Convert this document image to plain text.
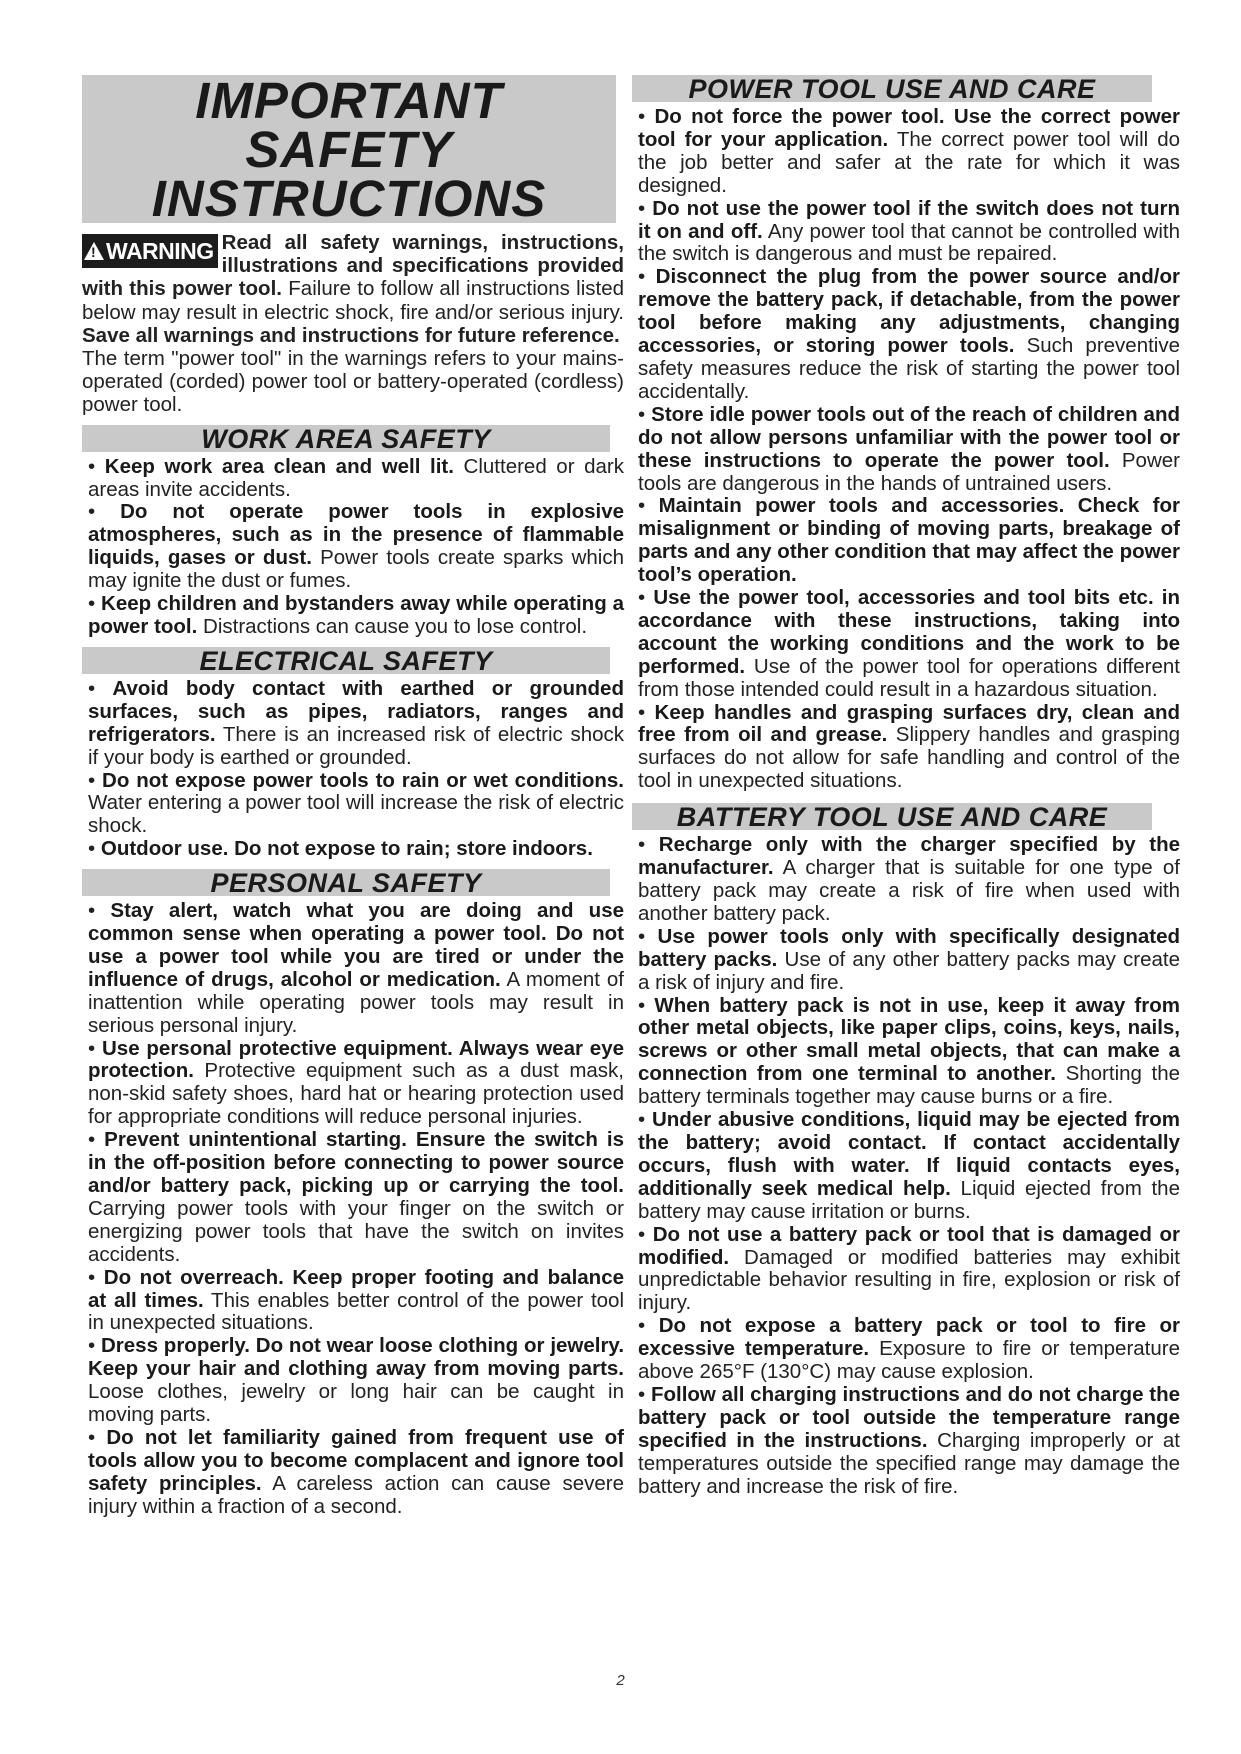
IMPORTANT
SAFETY
INSTRUCTIONS
!WARNING Read all safety warnings, instructions, illustrations and specifications provided with this power tool. Failure to follow all instructions listed below may result in electric shock, fire and/or serious injury. Save all warnings and instructions for future reference.
The term "power tool" in the warnings refers to your mains-operated (corded) power tool or battery-operated (cordless) power tool.
WORK AREA SAFETY

• Keep work area clean and well lit. Cluttered or dark areas invite accidents.

• Do not operate power tools in explosive atmospheres, such as in the presence of flammable liquids, gases or dust. Power tools create sparks which may ignite the dust or fumes.

• Keep children and bystanders away while operating a power tool. Distractions can cause you to lose control.

ELECTRICAL SAFETY

• Avoid body contact with earthed or grounded surfaces, such as pipes, radiators, ranges and refrigerators. There is an increased risk of electric shock if your body is earthed or grounded.

• Do not expose power tools to rain or wet conditions. Water entering a power tool will increase the risk of electric shock.

• Outdoor use. Do not expose to rain; store indoors.

PERSONAL SAFETY

• Stay alert, watch what you are doing and use common sense when operating a power tool. Do not use a power tool while you are tired or under the influence of drugs, alcohol or medication. A moment of inattention while operating power tools may result in serious personal injury.

• Use personal protective equipment. Always wear eye protection. Protective equipment such as a dust mask, non-skid safety shoes, hard hat or hearing protection used for appropriate conditions will reduce personal injuries.

• Prevent unintentional starting. Ensure the switch is in the off-position before connecting to power source and/or battery pack, picking up or carrying the tool. Carrying power tools with your finger on the switch or energizing power tools that have the switch on invites accidents.

• Do not overreach. Keep proper footing and balance at all times. This enables better control of the power tool in unexpected situations.

• Dress properly. Do not wear loose clothing or jewelry. Keep your hair and clothing away from moving parts. Loose clothes, jewelry or long hair can be caught in moving parts.

• Do not let familiarity gained from frequent use of tools allow you to become complacent and ignore tool safety principles. A careless action can cause severe injury within a fraction of a second.

POWER TOOL USE AND CARE

• Do not force the power tool. Use the correct power tool for your application. The correct power tool will do the job better and safer at the rate for which it was designed.

• Do not use the power tool if the switch does not turn it on and off. Any power tool that cannot be controlled with the switch is dangerous and must be repaired.

• Disconnect the plug from the power source and/or remove the battery pack, if detachable, from the power tool before making any adjustments, changing accessories, or storing power tools. Such preventive safety measures reduce the risk of starting the power tool accidentally.

• Store idle power tools out of the reach of children and do not allow persons unfamiliar with the power tool or these instructions to operate the power tool. Power tools are dangerous in the hands of untrained users.

• Maintain power tools and accessories. Check for misalignment or binding of moving parts, breakage of parts and any other condition that may affect the power tool’s operation.

• Use the power tool, accessories and tool bits etc. in accordance with these instructions, taking into account the working conditions and the work to be performed. Use of the power tool for operations different from those intended could result in a hazardous situation.

• Keep handles and grasping surfaces dry, clean and free from oil and grease. Slippery handles and grasping surfaces do not allow for safe handling and control of the tool in unexpected situations.

BATTERY TOOL USE AND CARE

• Recharge only with the charger specified by the manufacturer. A charger that is suitable for one type of battery pack may create a risk of fire when used with another battery pack.

• Use power tools only with specifically designated battery packs. Use of any other battery packs may create a risk of injury and fire.

• When battery pack is not in use, keep it away from other metal objects, like paper clips, coins, keys, nails, screws or other small metal objects, that can make a connection from one terminal to another. Shorting the battery terminals together may cause burns or a fire.

• Under abusive conditions, liquid may be ejected from the battery; avoid contact. If contact accidentally occurs, flush with water. If liquid contacts eyes, additionally seek medical help. Liquid ejected from the battery may cause irritation or burns.

• Do not use a battery pack or tool that is damaged or modified. Damaged or modified batteries may exhibit unpredictable behavior resulting in fire, explosion or risk of injury.

• Do not expose a battery pack or tool to fire or excessive temperature. Exposure to fire or temperature above 265°F (130°C) may cause explosion.

• Follow all charging instructions and do not charge the battery pack or tool outside the temperature range specified in the instructions. Charging improperly or at temperatures outside the specified range may damage the battery and increase the risk of fire.

2
